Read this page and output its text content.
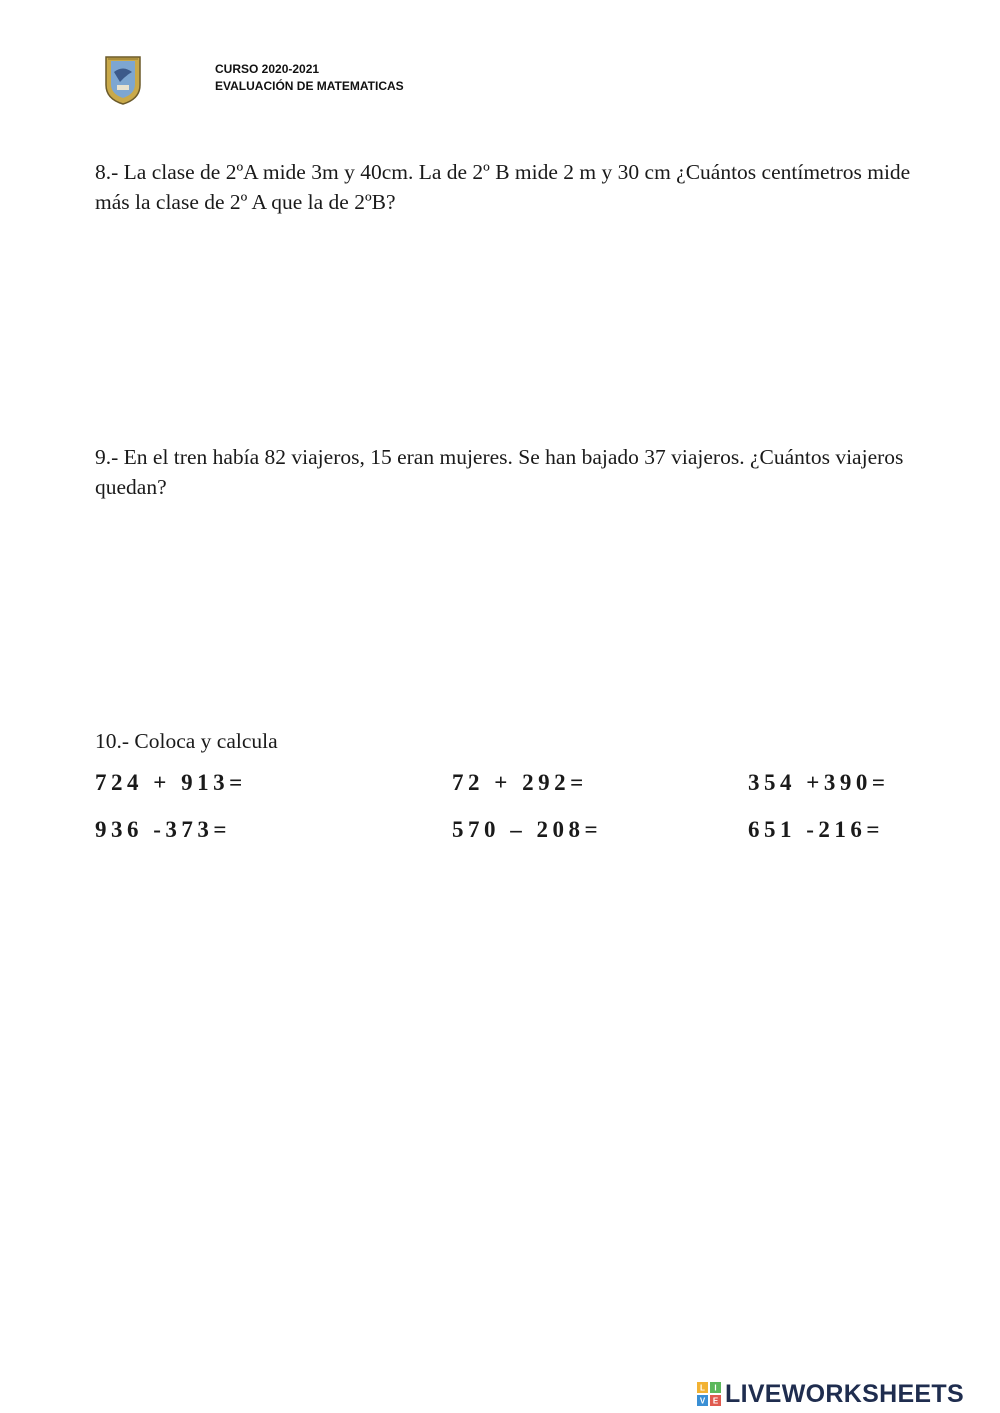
CURSO 2020-2021
EVALUACIÓN DE MATEMATICAS
8.- La clase de 2ºA mide 3m y 40cm. La de 2º B mide 2 m y 30 cm ¿Cuántos centímetros mide más la clase de 2º A que la de 2ºB?
9.- En el tren había 82 viajeros, 15 eran mujeres. Se han bajado 37 viajeros. ¿Cuántos viajeros quedan?
10.- Coloca y calcula
724 + 913=	72 + 292=	354 +390=
936 -373=	570 – 208=	651 -216=
L I
V E LIVEWORKSHEETS
